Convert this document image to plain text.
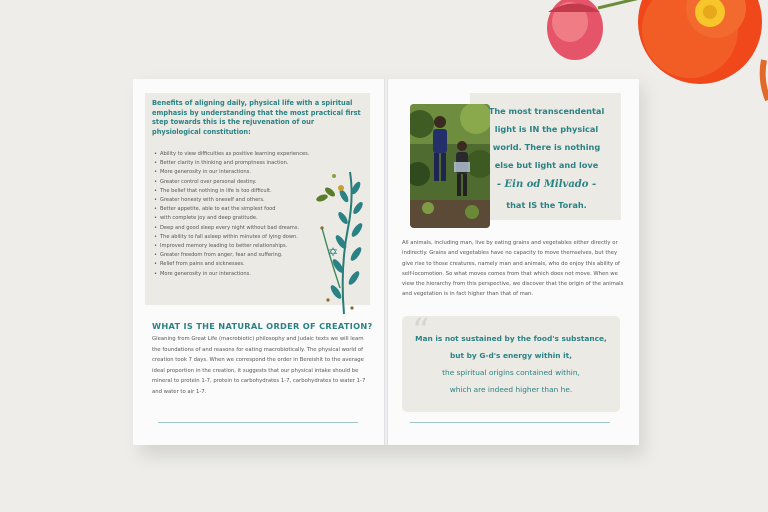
Benefits of aligning daily, physical life with a spiritual emphasis by understanding that the most practical first step towards this is the rejuvenation of our physiological constitution:

• Ability to view difficulties as positive learning experiences.
• Better clarity in thinking and promptness inaction.
• More generosity in our interactions.
• Greater control over personal destiny.
• The belief that nothing in life is too difficult.
• Greater honesty with oneself and others.
• Better appetite, able to eat the simplest food
• with complete joy and deep gratitude.
• Deep and good sleep every night without bad dreams.
• The ability to fall asleep within minutes of lying down.
• Improved memory leading to better relationships.
• Greater freedom from anger, fear and suffering.
• Relief from pains and sicknesses.
• More generosity in our interactions.
✡
WHAT IS THE NATURAL ORDER OF CREATION?

Gleaning from Great Life (macrobiotic) philosophy and Judaic texts we will learn the foundations of and reasons for eating macrobiotically. The physical world of creation took 7 days. When we correspond the order in Bereishit to the average ideal proportion in the creation, it suggests that our physical intake should be mineral to protein 1-7, protein to carbohydrates 1-7, carbohydrates to water 1-7 and water to air 1-7.

The most transcendental

light is IN the physical

world. There is nothing

else but light and love

- Ein od Milvado -

that IS the Torah.

All animals, including man, live by eating grains and vegetables either directly or indirectly. Grains and vegetables have no capacity to move themselves, but they give rise to those creatures, namely man and animals, who do enjoy this ability of self-locomotion. So what moves comes from that which does not move. When we view the hierarchy from this perspective, we discover that the origin of the animals and vegetation is in fact higher than that of man.

“

Man is not sustained by the food's substance,

but by G-d's energy within it,

the spiritual origins contained within,

which are indeed higher than he.
